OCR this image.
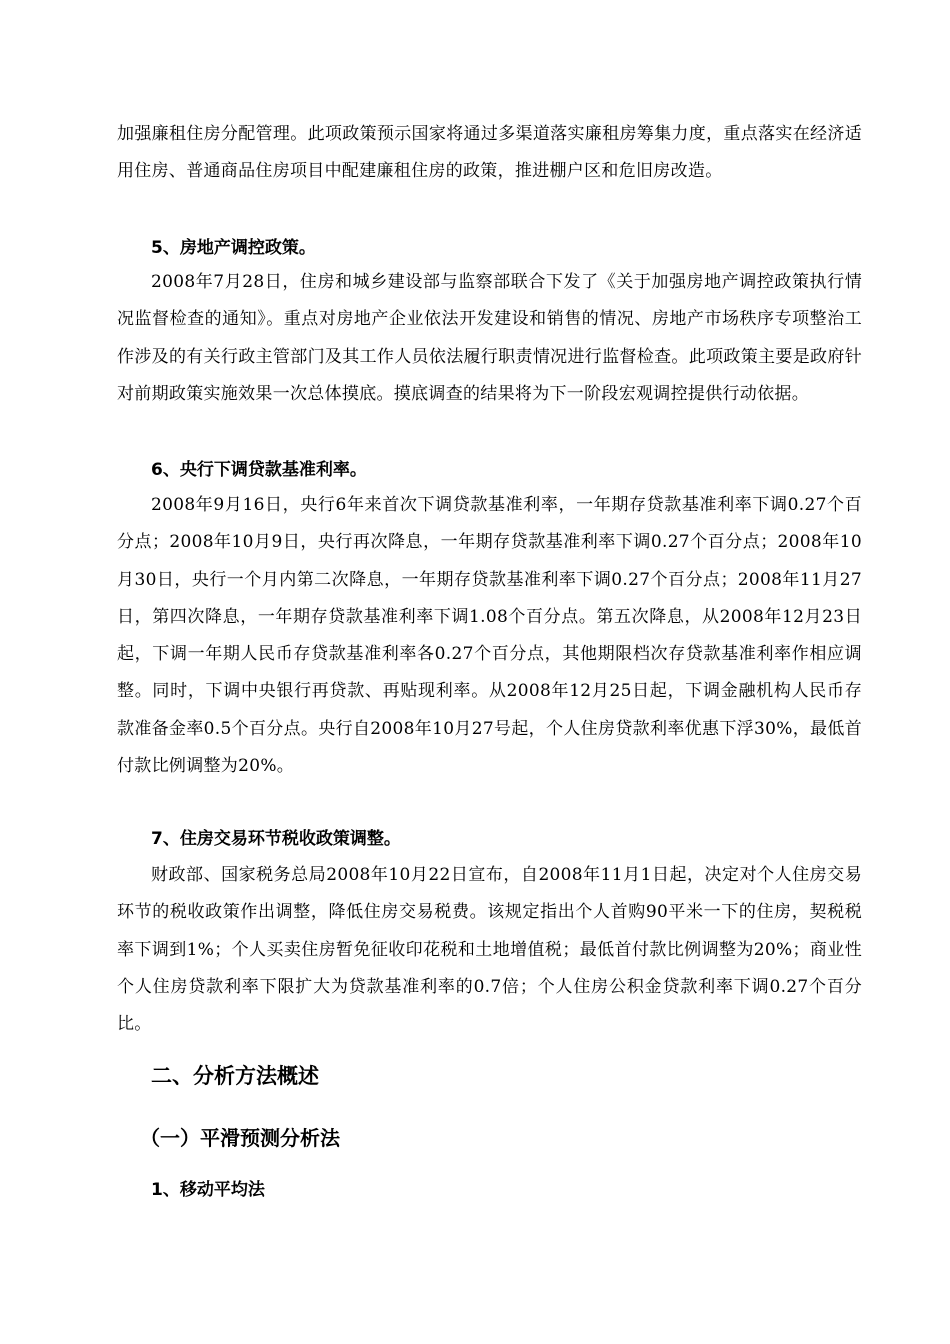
加强廉租住房分配管理。此项政策预示国家将通过多渠道落实廉租房筹集力度，重点落实在经济适用住房、普通商品住房项目中配建廉租住房的政策，推进棚户区和危旧房改造。

5、房地产调控政策。

2008年7月28日，住房和城乡建设部与监察部联合下发了《关于加强房地产调控政策执行情况监督检查的通知》。重点对房地产企业依法开发建设和销售的情况、房地产市场秩序专项整治工作涉及的有关行政主管部门及其工作人员依法履行职责情况进行监督检查。此项政策主要是政府针对前期政策实施效果一次总体摸底。摸底调查的结果将为下一阶段宏观调控提供行动依据。

6、央行下调贷款基准利率。

2008年9月16日，央行6年来首次下调贷款基准利率，一年期存贷款基准利率下调0.27个百分点；2008年10月9日，央行再次降息，一年期存贷款基准利率下调0.27个百分点；2008年10月30日，央行一个月内第二次降息，一年期存贷款基准利率下调0.27个百分点；2008年11月27日，第四次降息，一年期存贷款基准利率下调1.08个百分点。第五次降息，从2008年12月23日起，下调一年期人民币存贷款基准利率各0.27个百分点，其他期限档次存贷款基准利率作相应调整。同时，下调中央银行再贷款、再贴现利率。从2008年12月25日起，下调金融机构人民币存款准备金率0.5个百分点。央行自2008年10月27号起，个人住房贷款利率优惠下浮30%，最低首付款比例调整为20%。

7、住房交易环节税收政策调整。

财政部、国家税务总局2008年10月22日宣布，自2008年11月1日起，决定对个人住房交易环节的税收政策作出调整，降低住房交易税费。该规定指出个人首购90平米一下的住房，契税税率下调到1%；个人买卖住房暂免征收印花税和土地增值税；最低首付款比例调整为20%；商业性个人住房贷款利率下限扩大为贷款基准利率的0.7倍；个人住房公积金贷款利率下调0.27个百分比。

二、分析方法概述
（一）平滑预测分析法
1、移动平均法
